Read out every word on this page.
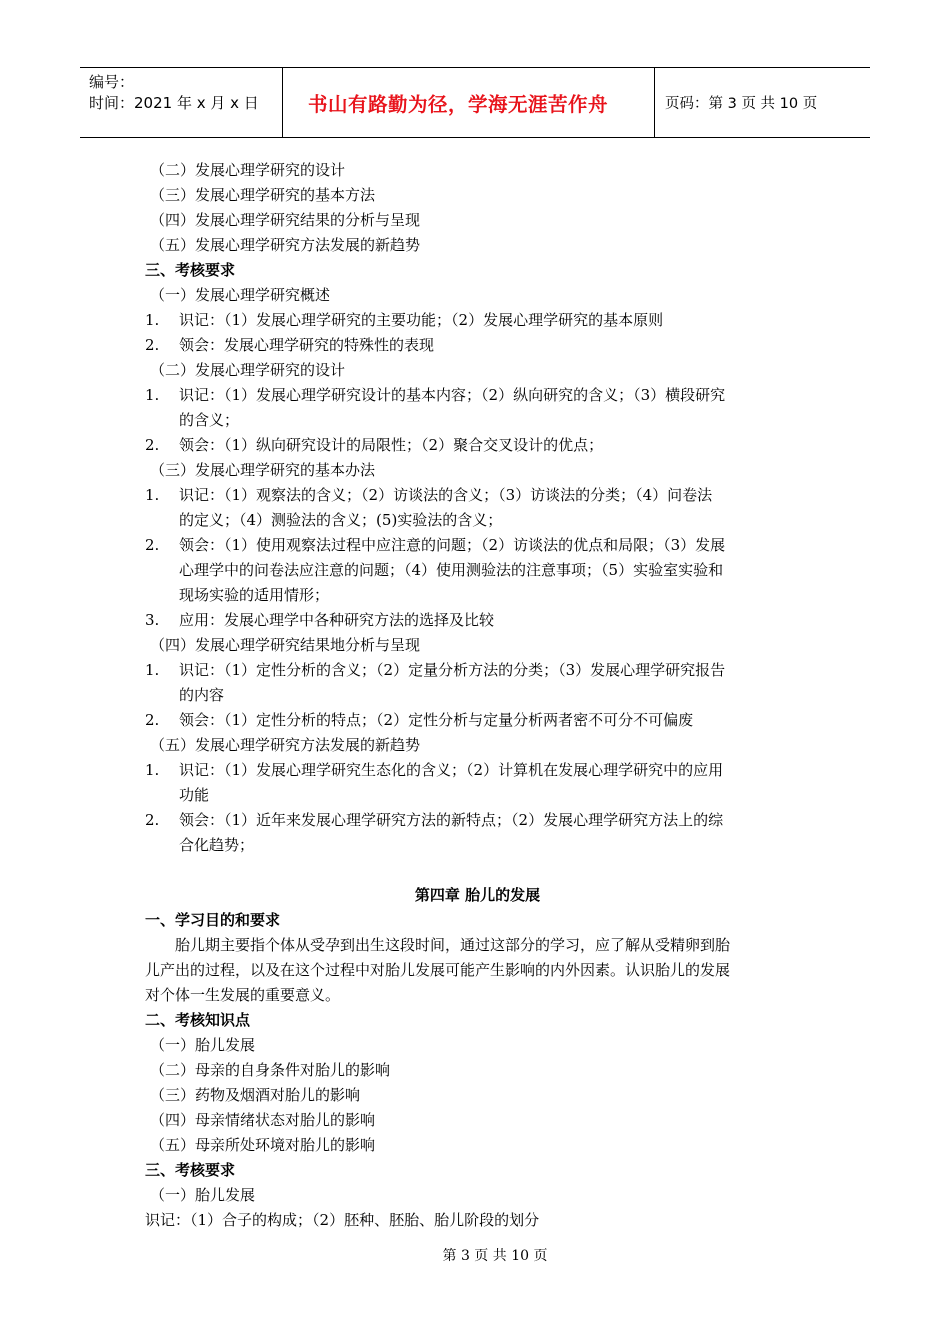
编号：
时间：2021 年 x 月 x 日	书山有路勤为径，学海无涯苦作舟	页码：第 3 页 共 10 页
（二）发展心理学研究的设计
（三）发展心理学研究的基本方法
（四）发展心理学研究结果的分析与呈现
（五）发展心理学研究方法发展的新趋势
三、考核要求
（一）发展心理学研究概述
1.	识记：（1）发展心理学研究的主要功能；（2）发展心理学研究的基本原则
2.	领会：发展心理学研究的特殊性的表现
（二）发展心理学研究的设计
1.	识记：（1）发展心理学研究设计的基本内容；（2）纵向研究的含义；（3）横段研究
的含义；
2.	领会：（1）纵向研究设计的局限性；（2）聚合交叉设计的优点；
（三）发展心理学研究的基本办法
1.	识记：（1）观察法的含义；（2）访谈法的含义；（3）访谈法的分类；（4）问卷法
的定义；（4）测验法的含义；(5)实验法的含义；
2.	领会：（1）使用观察法过程中应注意的问题；（2）访谈法的优点和局限；（3）发展
心理学中的问卷法应注意的问题；（4）使用测验法的注意事项；（5）实验室实验和
现场实验的适用情形；
3.	应用：发展心理学中各种研究方法的选择及比较
（四）发展心理学研究结果地分析与呈现
1.	识记：（1）定性分析的含义；（2）定量分析方法的分类；（3）发展心理学研究报告
的内容
2.	领会：（1）定性分析的特点；（2）定性分析与定量分析两者密不可分不可偏废
（五）发展心理学研究方法发展的新趋势
1.	识记：（1）发展心理学研究生态化的含义；（2）计算机在发展心理学研究中的应用
功能
2.	领会：（1）近年来发展心理学研究方法的新特点；（2）发展心理学研究方法上的综
合化趋势；
第四章 胎儿的发展
一、学习目的和要求
胎儿期主要指个体从受孕到出生这段时间，通过这部分的学习，应了解从受精卵到胎
儿产出的过程，以及在这个过程中对胎儿发展可能产生影响的内外因素。认识胎儿的发展
对个体一生发展的重要意义。
二、考核知识点
（一）胎儿发展
（二）母亲的自身条件对胎儿的影响
（三）药物及烟酒对胎儿的影响
（四）母亲情绪状态对胎儿的影响
（五）母亲所处环境对胎儿的影响
三、考核要求
（一）胎儿发展
识记：（1）合子的构成；（2）胚种、胚胎、胎儿阶段的划分
第 3 页 共 10 页
